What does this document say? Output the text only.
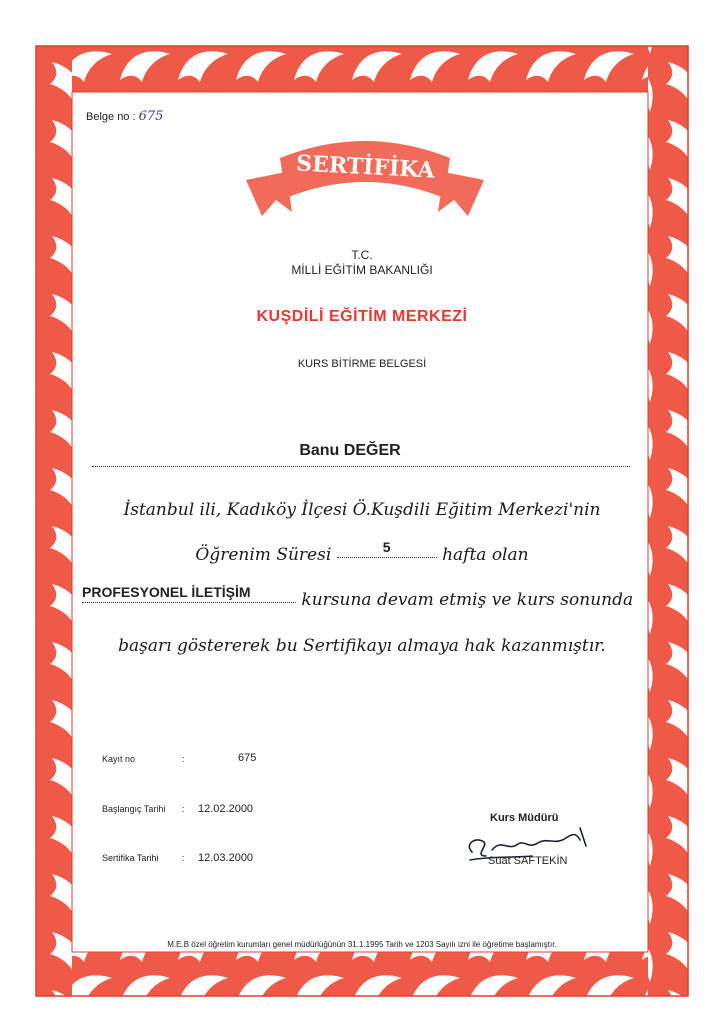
Belge no : 675
SERTİFİKA
T.C.
MİLLİ EĞİTİM BAKANLIĞI
KUŞDİLİ EĞİTİM MERKEZİ
KURS BİTİRME BELGESİ
Banu DEĞER
İstanbul ili, Kadıköy İlçesi Ö.Kuşdili Eğitim Merkezi'nin
Öğrenim Süresi	5	hafta olan
PROFESYONEL İLETİŞİM	kursuna devam etmiş ve kurs sonunda
başarı göstererek bu Sertifikayı almaya hak kazanmıştır.
Kayıt no	:	675
Başlangıç Tarihi : 12.02.2000
Sertifika Tarihi	: 12.03.2000
Kurs Müdürü
Suat SAFTEKİN
M.E.B özel öğretim kurumları genel müdürlüğünün 31.1.1995 Tarih ve 1203 Sayılı izni ile öğretime başlamıştır.
